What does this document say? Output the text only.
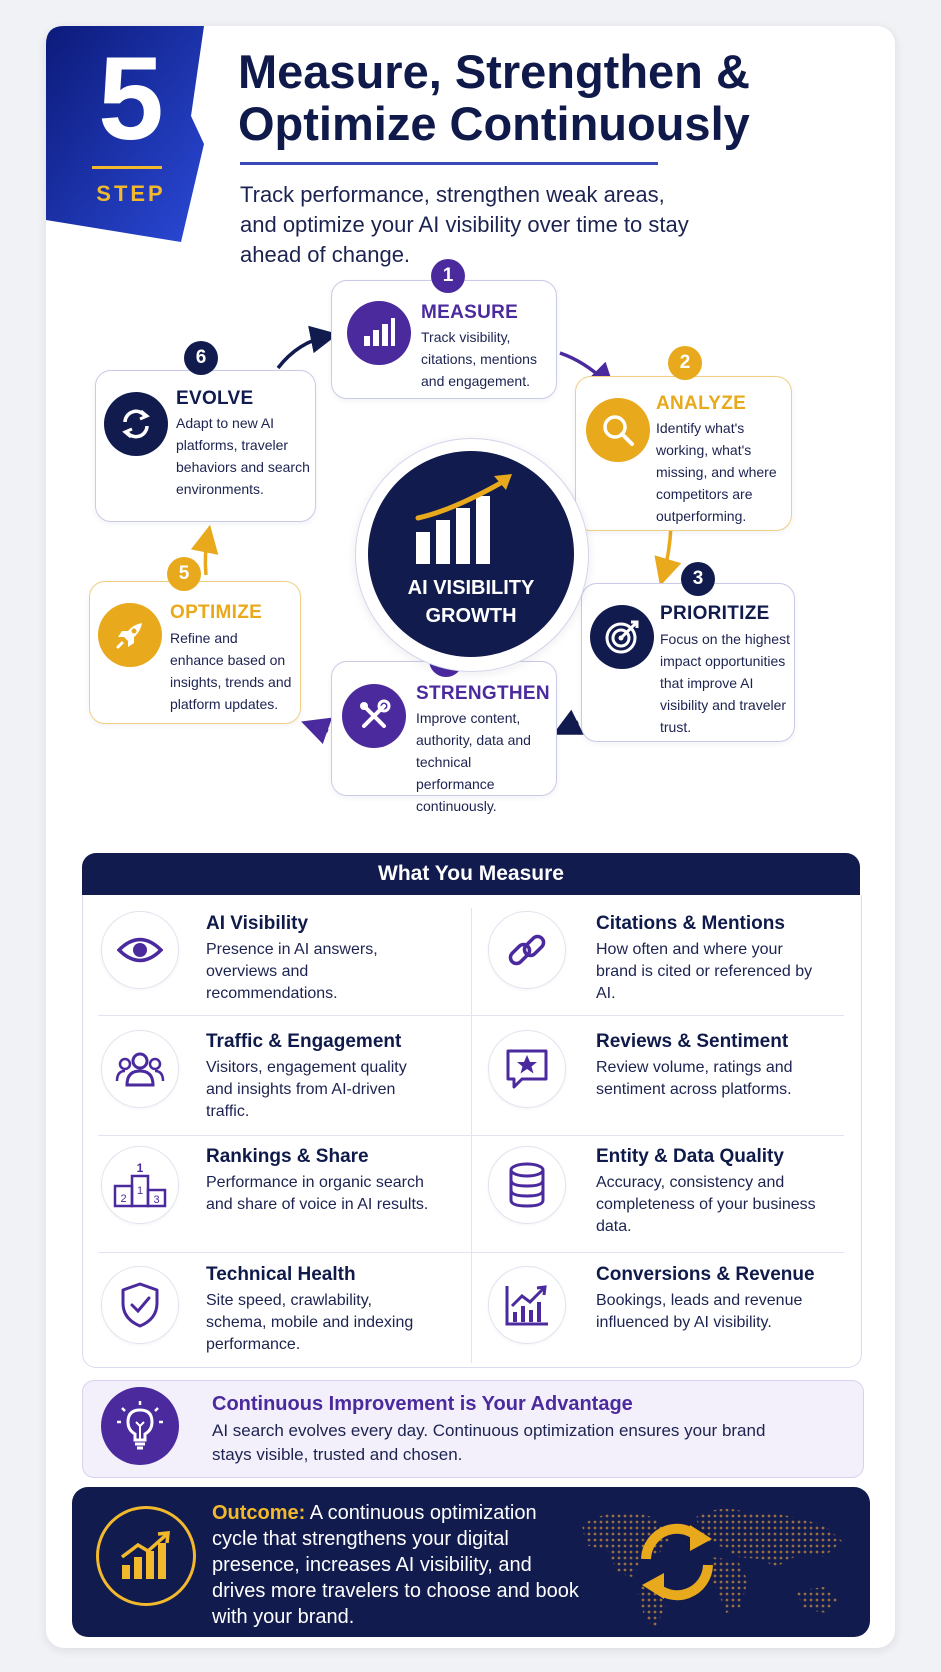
5
STEP
Measure, Strengthen &
Optimize Continuously
Track performance, strengthen weak areas, and optimize your AI visibility over time to stay ahead of change.
1
MEASURE
Track visibility, citations, mentions and engagement.
2
ANALYZE
Identify what's working, what's missing, and where competitors are outperforming.
3
PRIORITIZE
Focus on the highest impact opportunities that improve AI visibility and traveler trust.
STRENGTHEN
Improve content, authority, data and technical performance continuously.
5
OPTIMIZE
Refine and enhance based on insights, trends and platform updates.
6
EVOLVE
Adapt to new AI platforms, traveler behaviors and search environments.
AI VISIBILITY
GROWTH
What You Measure
AI Visibility
Presence in AI answers, overviews and recommendations.
Citations & Mentions
How often and where your brand is cited or referenced by AI.
Traffic & Engagement
Visitors, engagement quality and insights from AI-driven traffic.
Reviews & Sentiment
Review volume, ratings and sentiment across platforms.
1
1
2 3
Rankings & Share
Performance in organic search and share of voice in AI results.
Entity & Data Quality
Accuracy, consistency and completeness of your business data.
Technical Health
Site speed, crawlability, schema, mobile and indexing performance.
Conversions & Revenue
Bookings, leads and revenue influenced by AI visibility.
Continuous Improvement is Your Advantage
AI search evolves every day. Continuous optimization ensures your brand stays visible, trusted and chosen.
Outcome: A continuous optimization cycle that strengthens your digital presence, increases AI visibility, and drives more travelers to choose and book with your brand.
